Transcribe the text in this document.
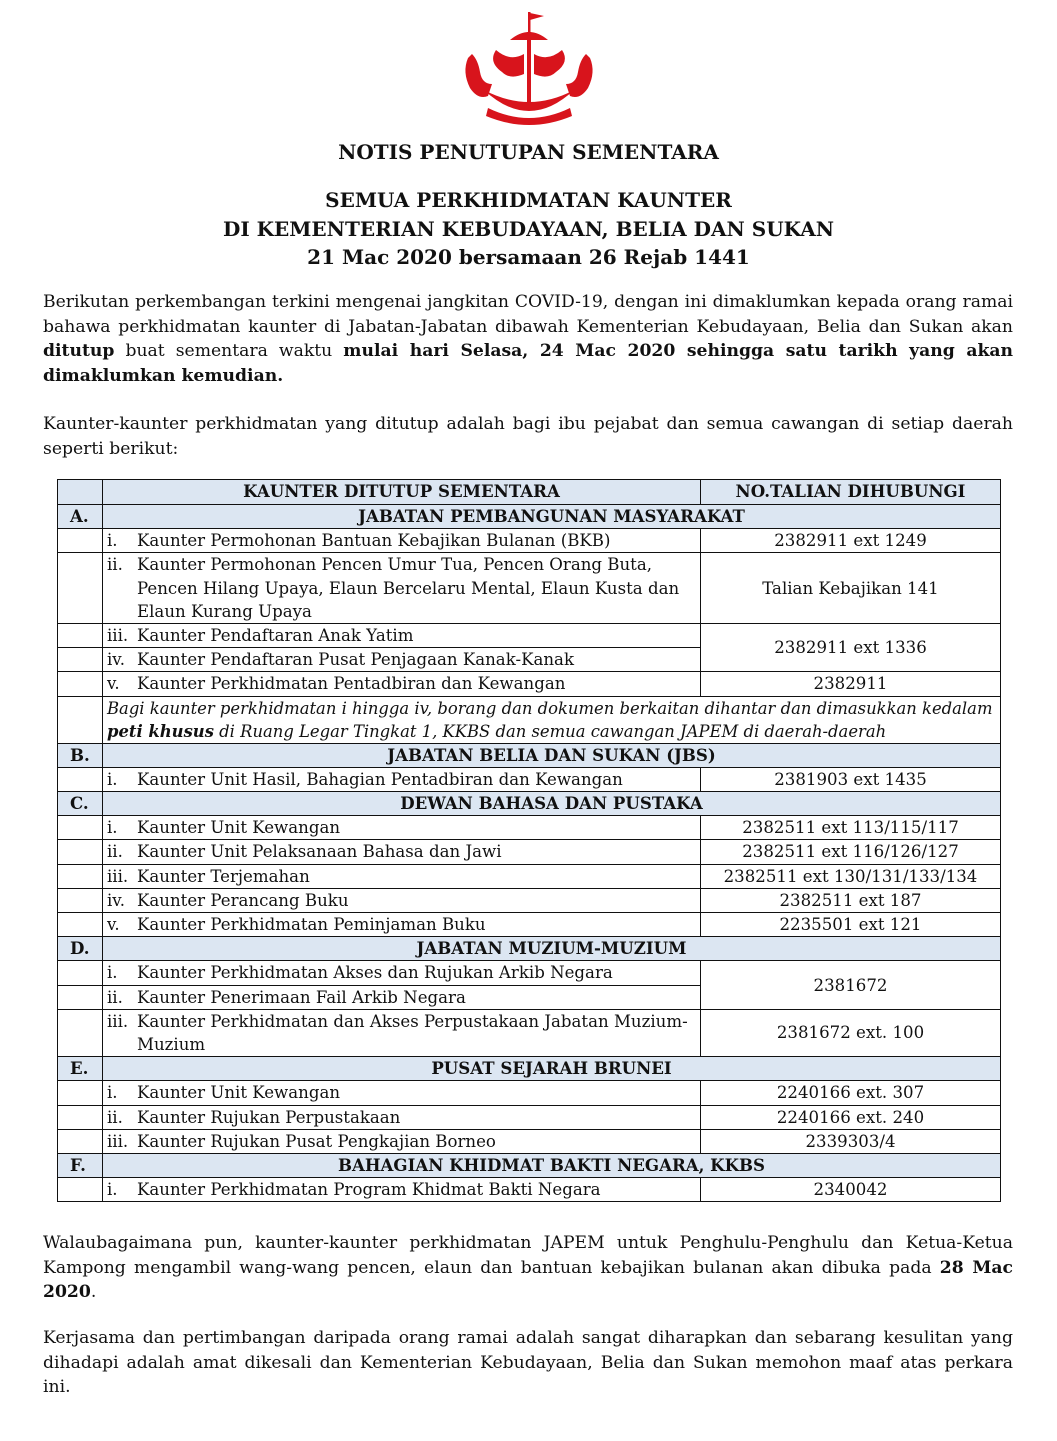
NOTIS PENUTUPAN SEMENTARA
SEMUA PERKHIDMATAN KAUNTER
DI KEMENTERIAN KEBUDAYAAN, BELIA DAN SUKAN
21 Mac 2020 bersamaan 26 Rejab 1441

Berikutan perkembangan terkini mengenai jangkitan COVID-19, dengan ini dimaklumkan kepada orang ramai bahawa perkhidmatan kaunter di Jabatan-Jabatan dibawah Kementerian Kebudayaan, Belia dan Sukan akan ditutup buat sementara waktu mulai hari Selasa, 24 Mac 2020 sehingga satu tarikh yang akan dimaklumkan kemudian.

Kaunter-kaunter perkhidmatan yang ditutup adalah bagi ibu pejabat dan semua cawangan di setiap daerah seperti berikut:

	KAUNTER DITUTUP SEMENTARA	NO.TALIAN DIHUBUNGI
A.	JABATAN PEMBANGUNAN MASYARAKAT	

	i. Kaunter Permohonan Bantuan Kebajikan Bulanan (BKB)	2382911 ext 1249

	ii. Kaunter Permohonan Pencen Umur Tua, Pencen Orang Buta, Pencen Hilang Upaya, Elaun Bercelaru Mental, Elaun Kusta dan Elaun Kurang Upaya	Talian Kebajikan 141

	iii. Kaunter Pendaftaran Anak Yatim	2382911 ext 1336

	iv. Kaunter Pendaftaran Pusat Penjagaan Kanak-Kanak	

	v. Kaunter Perkhidmatan Pentadbiran dan Kewangan	2382911
	Bagi kaunter perkhidmatan i hingga iv, borang dan dokumen berkaitan dihantar dan dimasukkan kedalam peti khusus di Ruang Legar Tingkat 1, KKBS dan semua cawangan JAPEM di daerah-daerah	
B.	JABATAN BELIA DAN SUKAN (JBS)	

	i. Kaunter Unit Hasil, Bahagian Pentadbiran dan Kewangan	2381903 ext 1435
C.	DEWAN BAHASA DAN PUSTAKA	

	i. Kaunter Unit Kewangan	2382511 ext 113/115/117

	ii. Kaunter Unit Pelaksanaan Bahasa dan Jawi	2382511 ext 116/126/127

	iii. Kaunter Terjemahan	2382511 ext 130/131/133/134

	iv. Kaunter Perancang Buku	2382511 ext 187

	v. Kaunter Perkhidmatan Peminjaman Buku	2235501 ext 121
D.	JABATAN MUZIUM-MUZIUM	

	i. Kaunter Perkhidmatan Akses dan Rujukan Arkib Negara	2381672

	ii. Kaunter Penerimaan Fail Arkib Negara	

	iii. Kaunter Perkhidmatan dan Akses Perpustakaan Jabatan Muzium-Muzium	2381672 ext. 100
E.	PUSAT SEJARAH BRUNEI	

	i. Kaunter Unit Kewangan	2240166 ext. 307

	ii. Kaunter Rujukan Perpustakaan	2240166 ext. 240

	iii. Kaunter Rujukan Pusat Pengkajian Borneo	2339303/4
F.	BAHAGIAN KHIDMAT BAKTI NEGARA, KKBS	

	i. Kaunter Perkhidmatan Program Khidmat Bakti Negara	2340042

Walaubagaimana pun, kaunter-kaunter perkhidmatan JAPEM untuk Penghulu-Penghulu dan Ketua-Ketua Kampong mengambil wang-wang pencen, elaun dan bantuan kebajikan bulanan akan dibuka pada 28 Mac 2020.

Kerjasama dan pertimbangan daripada orang ramai adalah sangat diharapkan dan sebarang kesulitan yang dihadapi adalah amat dikesali dan Kementerian Kebudayaan, Belia dan Sukan memohon maaf atas perkara ini.
